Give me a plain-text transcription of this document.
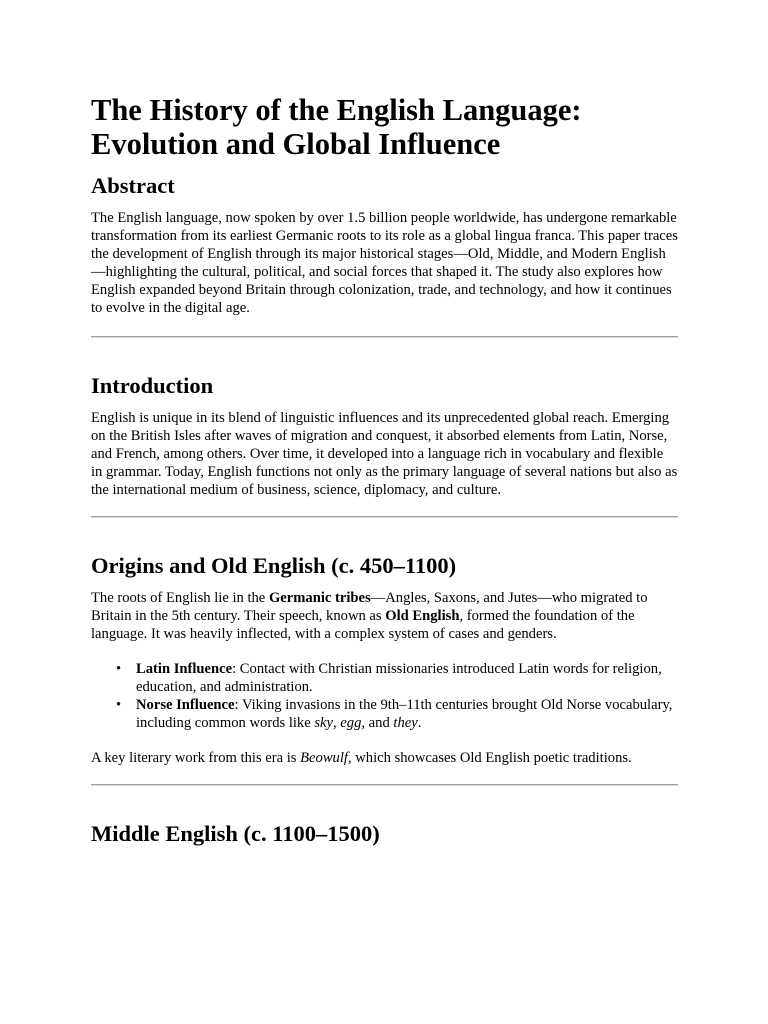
The History of the English Language: Evolution and Global Influence
Abstract

The English language, now spoken by over 1.5 billion people worldwide, has undergone remarkable transformation from its earliest Germanic roots to its role as a global lingua franca. This paper traces the development of English through its major historical stages—Old, Middle, and Modern English—highlighting the cultural, political, and social forces that shaped it. The study also explores how English expanded beyond Britain through colonization, trade, and technology, and how it continues to evolve in the digital age.

Introduction

English is unique in its blend of linguistic influences and its unprecedented global reach. Emerging on the British Isles after waves of migration and conquest, it absorbed elements from Latin, Norse, and French, among others. Over time, it developed into a language rich in vocabulary and flexible in grammar. Today, English functions not only as the primary language of several nations but also as the international medium of business, science, diplomacy, and culture.

Origins and Old English (c. 450–1100)

The roots of English lie in the Germanic tribes—Angles, Saxons, and Jutes—who migrated to Britain in the 5th century. Their speech, known as Old English, formed the foundation of the language. It was heavily inflected, with a complex system of cases and genders.

• Latin Influence: Contact with Christian missionaries introduced Latin words for religion, education, and administration.
• Norse Influence: Viking invasions in the 9th–11th centuries brought Old Norse vocabulary, including common words like sky, egg, and they.

A key literary work from this era is Beowulf, which showcases Old English poetic traditions.

Middle English (c. 1100–1500)
